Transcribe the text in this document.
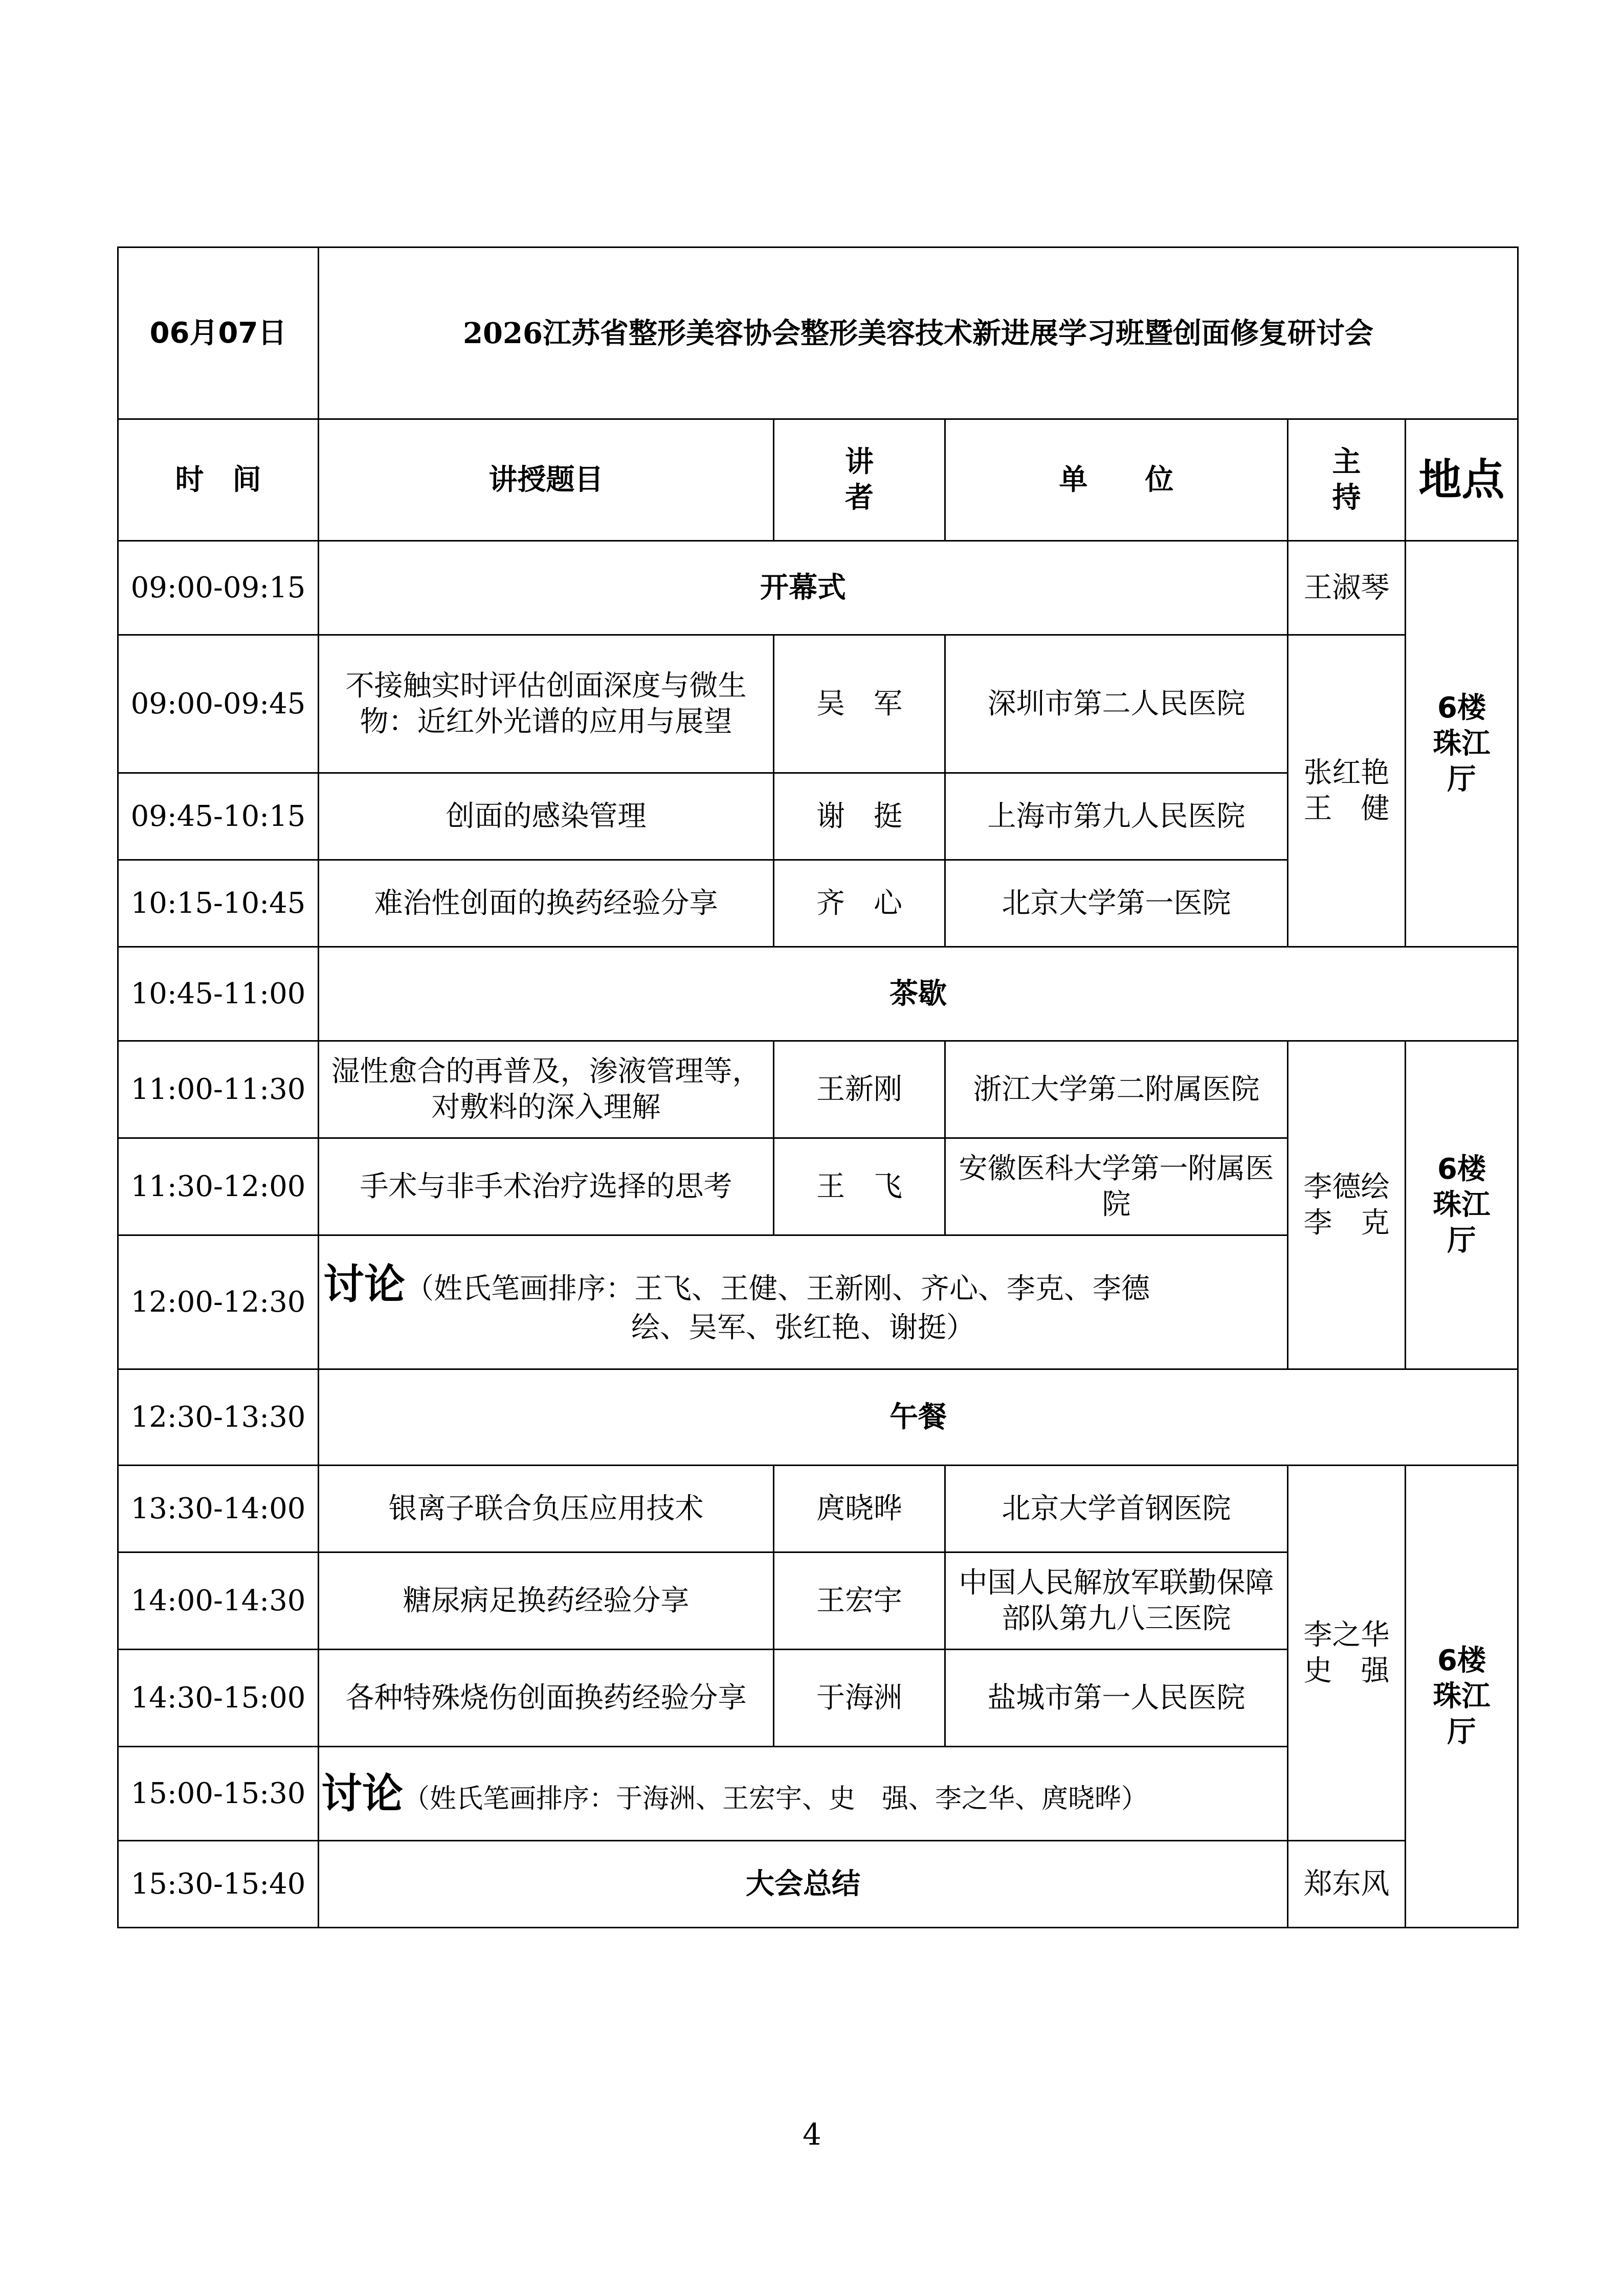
06月07日	2026江苏省整形美容协会整形美容技术新进展学习班暨创面修复研讨会				
时　间	讲授题目	讲者	单　　位	主持	地点
09:00-09:15	开幕式			王淑琴	6楼
珠江
厅
09:00-09:45	不接触实时评估创面深度与微生物：近红外光谱的应用与展望	吴　军	深圳市第二人民医院	张红艳
王　健	
09:45-10:15	创面的感染管理	谢　挺	上海市第九人民医院		
10:15-10:45	难治性创面的换药经验分享	齐　心	北京大学第一医院		
10:45-11:00	茶歇				
11:00-11:30	湿性愈合的再普及，渗液管理等，对敷料的深入理解	王新刚	浙江大学第二附属医院	李德绘
李　克	6楼
珠江
厅
11:30-12:00	手术与非手术治疗选择的思考	王　飞	安徽医科大学第一附属医院		
12:00-12:30	讨论（姓氏笔画排序：王飞、王健、王新刚、齐心、李克、李德
绘、吴军、张红艳、谢挺）				

12:30-13:30	午餐				
13:30-14:00	银离子联合负压应用技术	庹晓晔	北京大学首钢医院	李之华
史　强	6楼
珠江
厅
14:00-14:30	糖尿病足换药经验分享	王宏宇	中国人民解放军联勤保障部队第九八三医院		
14:30-15:00	各种特殊烧伤创面换药经验分享	于海洲	盐城市第一人民医院		
15:00-15:30	讨论（姓氏笔画排序：于海洲、王宏宇、史　强、李之华、庹晓晔）				
15:30-15:40	大会总结			郑东风	
4
